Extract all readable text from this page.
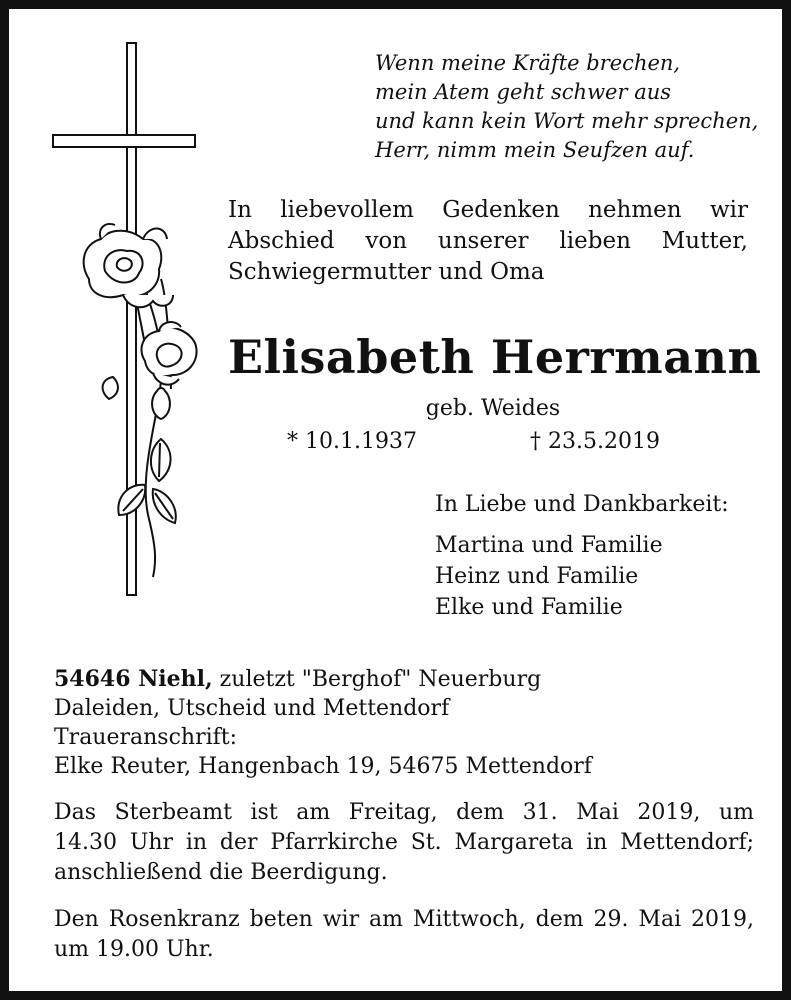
Wenn meine Kräfte brechen,
mein Atem geht schwer aus
und kann kein Wort mehr sprechen,
Herr, nimm mein Seufzen auf.
In liebevollem Gedenken nehmen wir
Abschied von unserer lieben Mutter,
Schwiegermutter und Oma
Elisabeth Herrmann
geb. Weides
* 10.1.1937	† 23.5.2019
In Liebe und Dankbarkeit:
Martina und Familie
Heinz und Familie
Elke und Familie
54646 Niehl, zuletzt "Berghof" Neuerburg
Daleiden, Utscheid und Mettendorf
Traueranschrift:
Elke Reuter, Hangenbach 19, 54675 Mettendorf
Das Sterbeamt ist am Freitag, dem 31. Mai 2019, um
14.30 Uhr in der Pfarrkirche St. Margareta in Mettendorf;
anschließend die Beerdigung.
Den Rosenkranz beten wir am Mittwoch, dem 29. Mai 2019,
um 19.00 Uhr.
